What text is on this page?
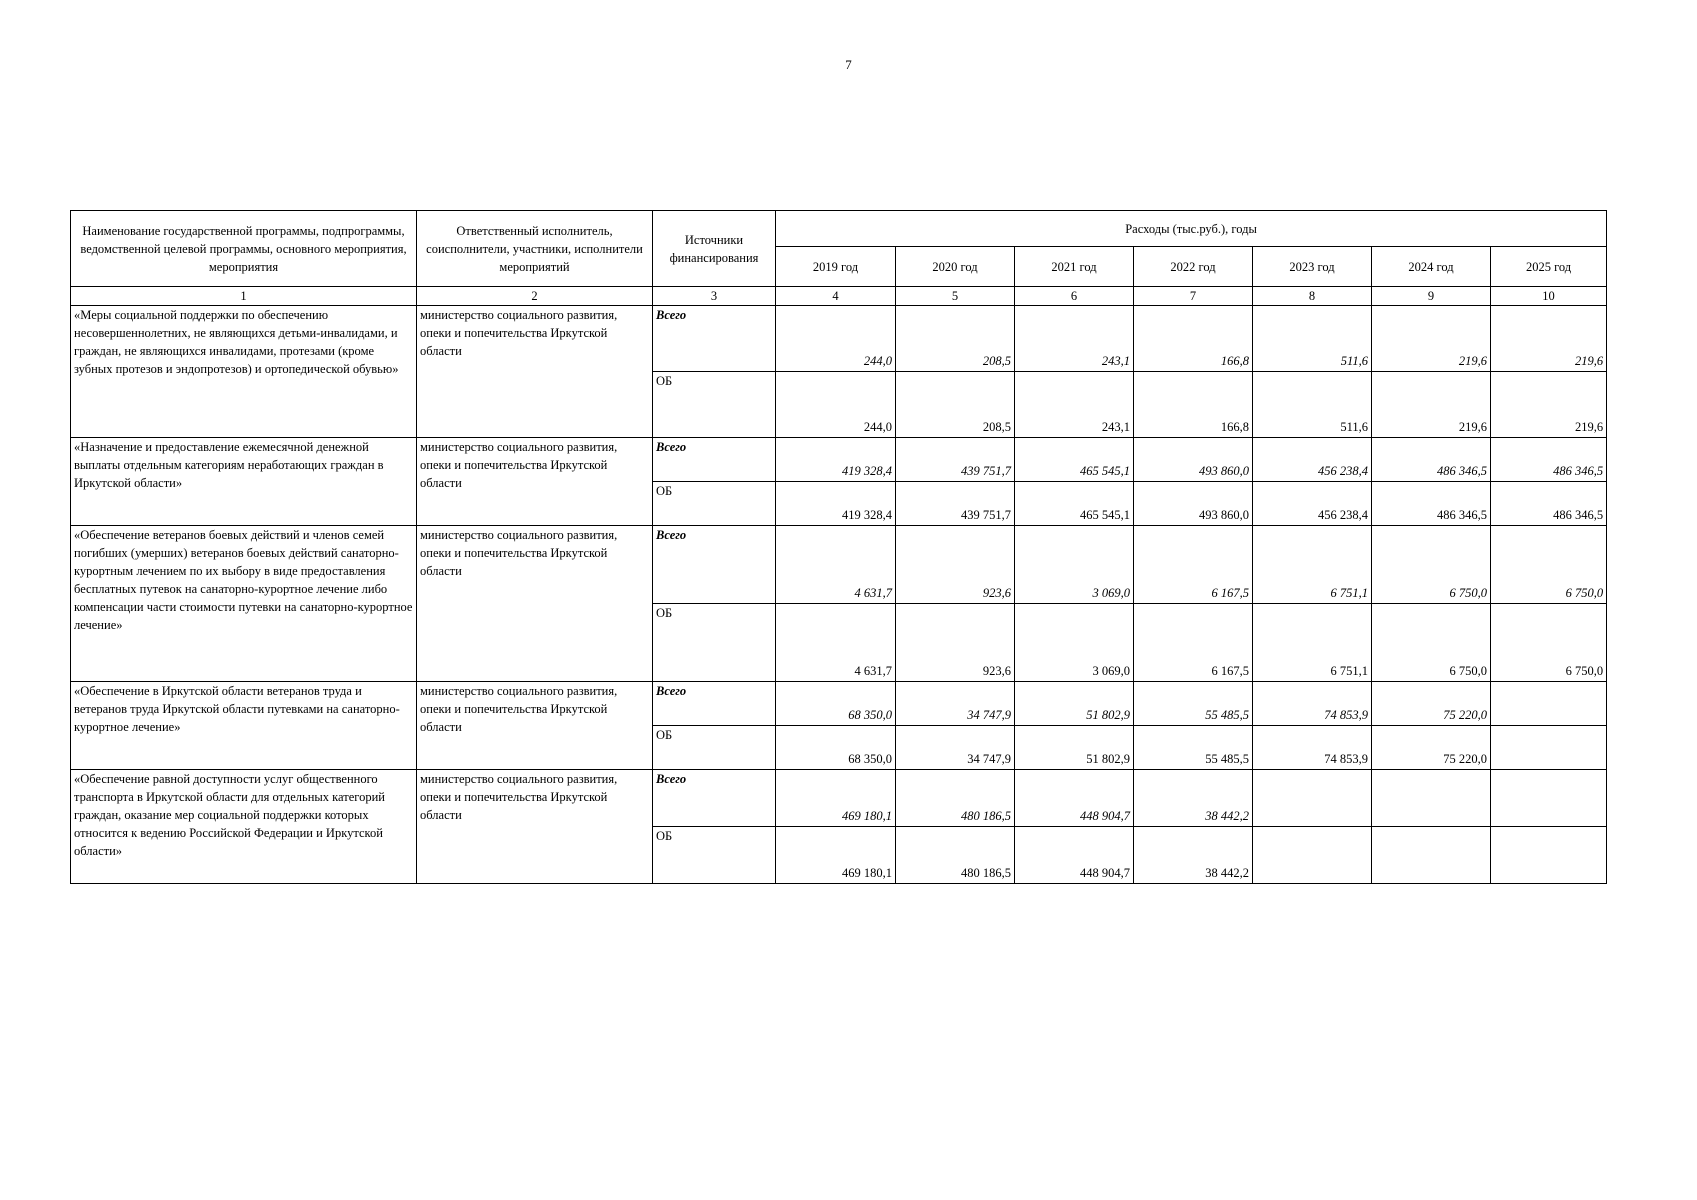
7
Наименование государственной программы, подпрограммы, ведомственной целевой программы, основного мероприятия, мероприятия	Ответственный исполнитель, соисполнители, участники, исполнители мероприятий	Источники финансирования	Расходы (тыс.руб.), годы						
			2019 год	2020 год	2021 год	2022 год	2023 год	2024 год	2025 год
1	2	3	4	5	6	7	8	9	10
«Меры социальной поддержки по обеспечению несовершеннолетних, не являющихся детьми-инвалидами, и граждан, не являющихся инвалидами, протезами (кроме зубных протезов и эндопротезов) и ортопедической обувью»	министерство социального развития, опеки и попечительства Иркутской области	Всего	244,0	208,5	243,1	166,8	511,6	219,6	219,6
		ОБ	244,0	208,5	243,1	166,8	511,6	219,6	219,6
«Назначение и предоставление ежемесячной денежной выплаты отдельным категориям неработающих граждан в Иркутской области»	министерство социального развития, опеки и попечительства Иркутской области	Всего	419 328,4	439 751,7	465 545,1	493 860,0	456 238,4	486 346,5	486 346,5
		ОБ	419 328,4	439 751,7	465 545,1	493 860,0	456 238,4	486 346,5	486 346,5
«Обеспечение ветеранов боевых действий и членов семей погибших (умерших) ветеранов боевых действий санаторно-курортным лечением по их выбору в виде предоставления бесплатных путевок на санаторно-курортное лечение либо компенсации части стоимости путевки на санаторно-курортное лечение»	министерство социального развития, опеки и попечительства Иркутской области	Всего	4 631,7	923,6	3 069,0	6 167,5	6 751,1	6 750,0	6 750,0
		ОБ	4 631,7	923,6	3 069,0	6 167,5	6 751,1	6 750,0	6 750,0
«Обеспечение в Иркутской области ветеранов труда и ветеранов труда Иркутской области путевками на санаторно-курортное лечение»	министерство социального развития, опеки и попечительства Иркутской области	Всего	68 350,0	34 747,9	51 802,9	55 485,5	74 853,9	75 220,0	
		ОБ	68 350,0	34 747,9	51 802,9	55 485,5	74 853,9	75 220,0	
«Обеспечение равной доступности услуг общественного транспорта в Иркутской области для отдельных категорий граждан, оказание мер социальной поддержки которых относится к ведению Российской Федерации и Иркутской области»	министерство социального развития, опеки и попечительства Иркутской области	Всего	469 180,1	480 186,5	448 904,7	38 442,2			
		ОБ	469 180,1	480 186,5	448 904,7	38 442,2			
